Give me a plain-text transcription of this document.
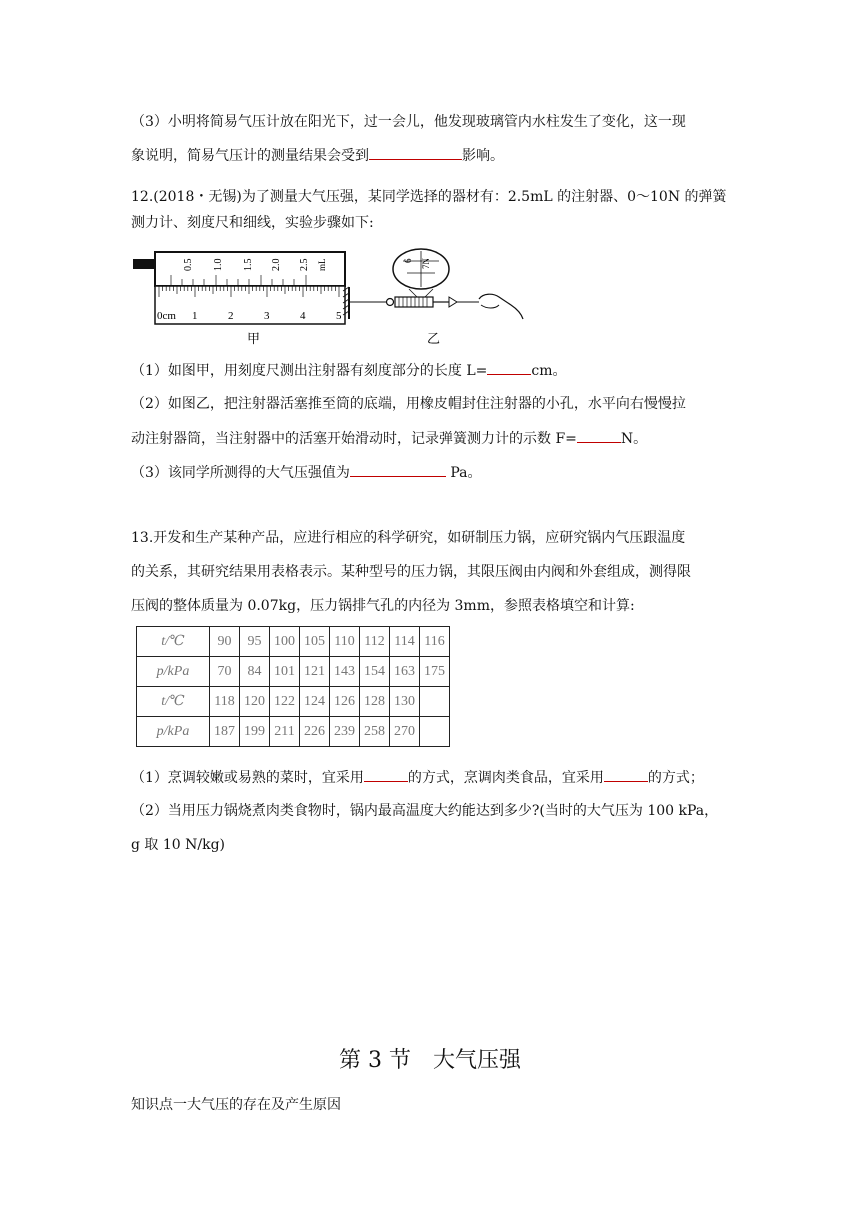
（3）小明将简易气压计放在阳光下，过一会儿，他发现玻璃管内水柱发生了变化，这一现
象说明，简易气压计的测量结果会受到	影响。
12.(2018・无锡)为了测量大气压强，某同学选择的器材有：2.5mL 的注射器、0～10N 的弹簧
测力计、刻度尺和细线，实验步骤如下:
0.5 1.0 1.5 2.0 2.5 mL
0cm 1	2	3	4	5
甲
6 7N
乙
（1）如图甲，用刻度尺测出注射器有刻度部分的长度 L=	cm。
（2）如图乙，把注射器活塞推至筒的底端，用橡皮帽封住注射器的小孔，水平向右慢慢拉
动注射器筒，当注射器中的活塞开始滑动时，记录弹簧测力计的示数 F=	N。
（3）该同学所测得的大气压强值为	Pa。
13.开发和生产某种产品，应进行相应的科学研究，如研制压力锅，应研究锅内气压跟温度
的关系，其研究结果用表格表示。某种型号的压力锅，其限压阀由内阀和外套组成，测得限
压阀的整体质量为 0.07kg，压力锅排气孔的内径为 3mm，参照表格填空和计算:
t/℃	90	95	100	105	110	112	114	116
p/kPa	70	84	101	121	143	154	163	175
t/℃	118	120	122	124	126	128	130	
p/kPa	187	199	211	226	239	258	270	
（1）烹调较嫩或易熟的菜时，宜采用	的方式，烹调肉类食品，宜采用	的方式；
（2）当用压力锅烧煮肉类食物时，锅内最高温度大约能达到多少?(当时的大气压为 100 kPa，
g 取 10 N/kg)
第 3 节　大气压强
知识点一大气压的存在及产生原因
